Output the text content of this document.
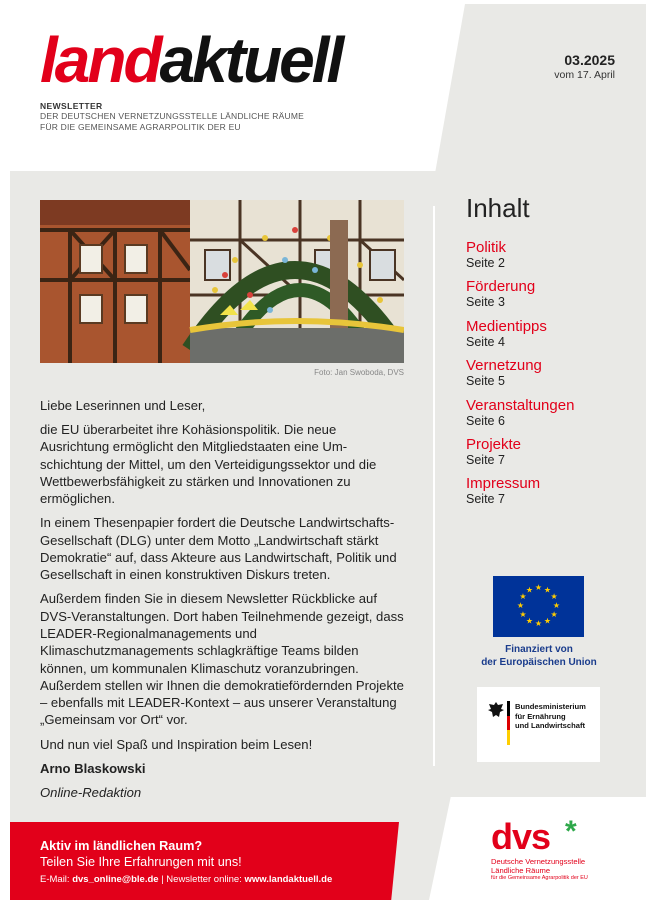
landaktuell
NEWSLETTER
DER DEUTSCHEN VERNETZUNGSSTELLE LÄNDLICHE RÄUME
FÜR DIE GEMEINSAME AGRARPOLITIK DER EU
03.2025
vom 17. April
Foto: Jan Swoboda, DVS

Liebe Leserinnen und Leser,

die EU überarbeitet ihre Kohäsionspolitik. Die neue Ausrichtung ermöglicht den Mitgliedstaaten eine Umschichtung der Mittel, um den Verteidigungssektor und die Wettbewerbsfähigkeit zu stärken und Innovationen zu ermöglichen.

In einem Thesenpapier fordert die Deutsche Landwirtschafts-Gesellschaft (DLG) unter dem Motto „Landwirtschaft stärkt Demokratie“ auf, dass Akteure aus Landwirtschaft, Politik und Gesellschaft in einen konstruktiven Diskurs treten.

Außerdem finden Sie in diesem Newsletter Rückblicke auf DVS-Veranstaltungen. Dort haben Teilnehmende gezeigt, dass LEADER-Regionalmanagements und Klimaschutzmanagements schlagkräftige Teams bilden können, um kommunalen Klimaschutz voranzubringen. Außerdem stellen wir Ihnen die demokratiefördernden Projekte – ebenfalls mit LEADER-Kontext – aus unserer Veranstaltung „Gemeinsam vor Ort“ vor.

Und nun viel Spaß und Inspiration beim Lesen!

Arno Blaskowski

Online-Redaktion

Inhalt
Politik
Seite 2
Förderung
Seite 3
Medientipps
Seite 4
Vernetzung
Seite 5
Veranstaltungen
Seite 6
Projekte
Seite 7
Impressum
Seite 7
★ ★
★
★
★
★
★
★
★
★
★
★
Finanziert von
der Europäischen Union
Bundesministerium
für Ernährung
und Landwirtschaft
dvs *
Deutsche Vernetzungsstelle
Ländliche Räume
für die Gemeinsame Agrarpolitik der EU
Aktiv im ländlichen Raum?
Teilen Sie Ihre Erfahrungen mit uns!
E-Mail: dvs_online@ble.de | Newsletter online: www.landaktuell.de
